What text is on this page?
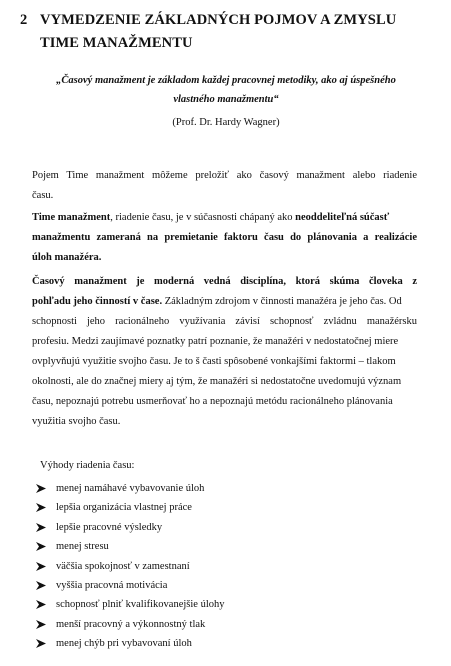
2 VYMEDZENIE ZÁKLADNÝCH POJMOV A ZMYSLU
TIME MANAŽMENTU
„Časový manažment je základom každej pracovnej metodiky, ako aj úspešného
vlastného manažmentu“
(Prof. Dr. Hardy Wagner)
Pojem Time manažment môžeme preložiť ako časový manažment alebo riadenie
času.
Time manažment, riadenie času, je v súčasnosti chápaný ako neoddeliteľná súčasť
manažmentu zameraná na premietanie faktoru času do plánovania a realizácie
úloh manažéra.
Časový manažment je moderná vedná disciplína, ktorá skúma človeka z
pohľadu jeho činností v čase. Základným zdrojom v činnosti manažéra je jeho čas. Od
schopnosti jeho racionálneho využívania závisí schopnosť zvládnu manažérsku
profesiu. Medzi zaujímavé poznatky patrí poznanie, že manažéri v nedostatočnej miere
ovplyvňujú využitie svojho času. Je to š časti spôsobené vonkajšími faktormi – tlakom
okolnosti, ale do značnej miery aj tým, že manažéri si nedostatočne uvedomujú význam
času, nepoznajú potrebu usmerňovať ho a nepoznajú metódu racionálneho plánovania
využitia svojho času.
Výhody riadenia času:
menej namáhavé vybavovanie úloh
lepšia organizácia vlastnej práce
lepšie pracovné výsledky
menej stresu
väčšia spokojnosť v zamestnaní
vyššia pracovná motivácia
schopnosť plniť kvalifikovanejšie úlohy
menší pracovný a výkonnostný tlak
menej chýb pri vybavovaní úloh
